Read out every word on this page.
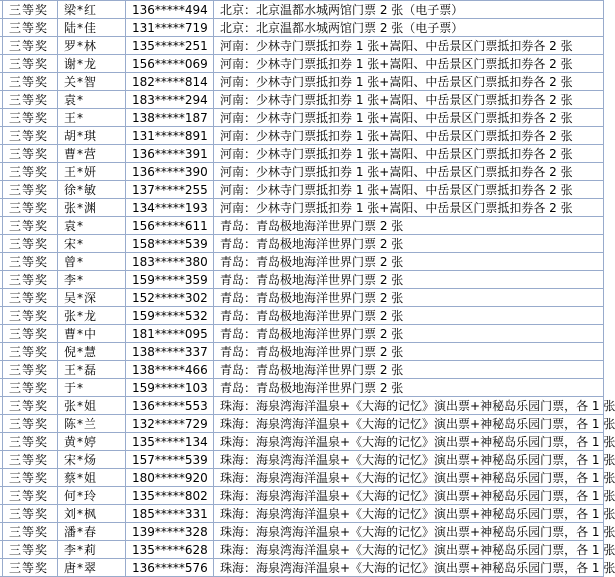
	三等奖	梁*红	136*****494	北京：北京温都水城两馆门票 2 张（电子票）
	三等奖	陆*佳	131*****719	北京：北京温都水城两馆门票 2 张（电子票）
	三等奖	罗*林	135*****251	河南：少林寺门票抵扣券 1 张+嵩阳、中岳景区门票抵扣券各 2 张
	三等奖	谢*龙	156*****069	河南：少林寺门票抵扣券 1 张+嵩阳、中岳景区门票抵扣券各 2 张
	三等奖	关*智	182*****814	河南：少林寺门票抵扣券 1 张+嵩阳、中岳景区门票抵扣券各 2 张
	三等奖	袁*	183*****294	河南：少林寺门票抵扣券 1 张+嵩阳、中岳景区门票抵扣券各 2 张
	三等奖	王*	138*****187	河南：少林寺门票抵扣券 1 张+嵩阳、中岳景区门票抵扣券各 2 张
	三等奖	胡*琪	131*****891	河南：少林寺门票抵扣券 1 张+嵩阳、中岳景区门票抵扣券各 2 张
	三等奖	曹*营	136*****391	河南：少林寺门票抵扣券 1 张+嵩阳、中岳景区门票抵扣券各 2 张
	三等奖	王*妍	136*****390	河南：少林寺门票抵扣券 1 张+嵩阳、中岳景区门票抵扣券各 2 张
	三等奖	徐*敏	137*****255	河南：少林寺门票抵扣券 1 张+嵩阳、中岳景区门票抵扣券各 2 张
	三等奖	张*渊	134*****193	河南：少林寺门票抵扣券 1 张+嵩阳、中岳景区门票抵扣券各 2 张
	三等奖	袁*	156*****611	青岛：青岛极地海洋世界门票 2 张
	三等奖	宋*	158*****539	青岛：青岛极地海洋世界门票 2 张
	三等奖	曾*	183*****380	青岛：青岛极地海洋世界门票 2 张
	三等奖	李*	159*****359	青岛：青岛极地海洋世界门票 2 张
	三等奖	吴*深	152*****302	青岛：青岛极地海洋世界门票 2 张
	三等奖	张*龙	159*****532	青岛：青岛极地海洋世界门票 2 张
	三等奖	曹*中	181*****095	青岛：青岛极地海洋世界门票 2 张
	三等奖	倪*慧	138*****337	青岛：青岛极地海洋世界门票 2 张
	三等奖	王*磊	138*****466	青岛：青岛极地海洋世界门票 2 张
	三等奖	于*	159*****103	青岛：青岛极地海洋世界门票 2 张
	三等奖	张*姐	136*****553	珠海：海泉湾海洋温泉+《大海的记忆》演出票+神秘岛乐园门票，各 1 张
	三等奖	陈*兰	132*****729	珠海：海泉湾海洋温泉+《大海的记忆》演出票+神秘岛乐园门票，各 1 张
	三等奖	黄*婷	135*****134	珠海：海泉湾海洋温泉+《大海的记忆》演出票+神秘岛乐园门票，各 1 张
	三等奖	宋*炀	157*****539	珠海：海泉湾海洋温泉+《大海的记忆》演出票+神秘岛乐园门票，各 1 张
	三等奖	蔡*姐	180*****920	珠海：海泉湾海洋温泉+《大海的记忆》演出票+神秘岛乐园门票，各 1 张
	三等奖	何*玲	135*****802	珠海：海泉湾海洋温泉+《大海的记忆》演出票+神秘岛乐园门票，各 1 张
	三等奖	刘*枫	185*****331	珠海：海泉湾海洋温泉+《大海的记忆》演出票+神秘岛乐园门票，各 1 张
	三等奖	潘*春	139*****328	珠海：海泉湾海洋温泉+《大海的记忆》演出票+神秘岛乐园门票，各 1 张
	三等奖	李*莉	135*****628	珠海：海泉湾海洋温泉+《大海的记忆》演出票+神秘岛乐园门票，各 1 张
	三等奖	唐*翠	136*****576	珠海：海泉湾海洋温泉+《大海的记忆》演出票+神秘岛乐园门票，各 1 张
